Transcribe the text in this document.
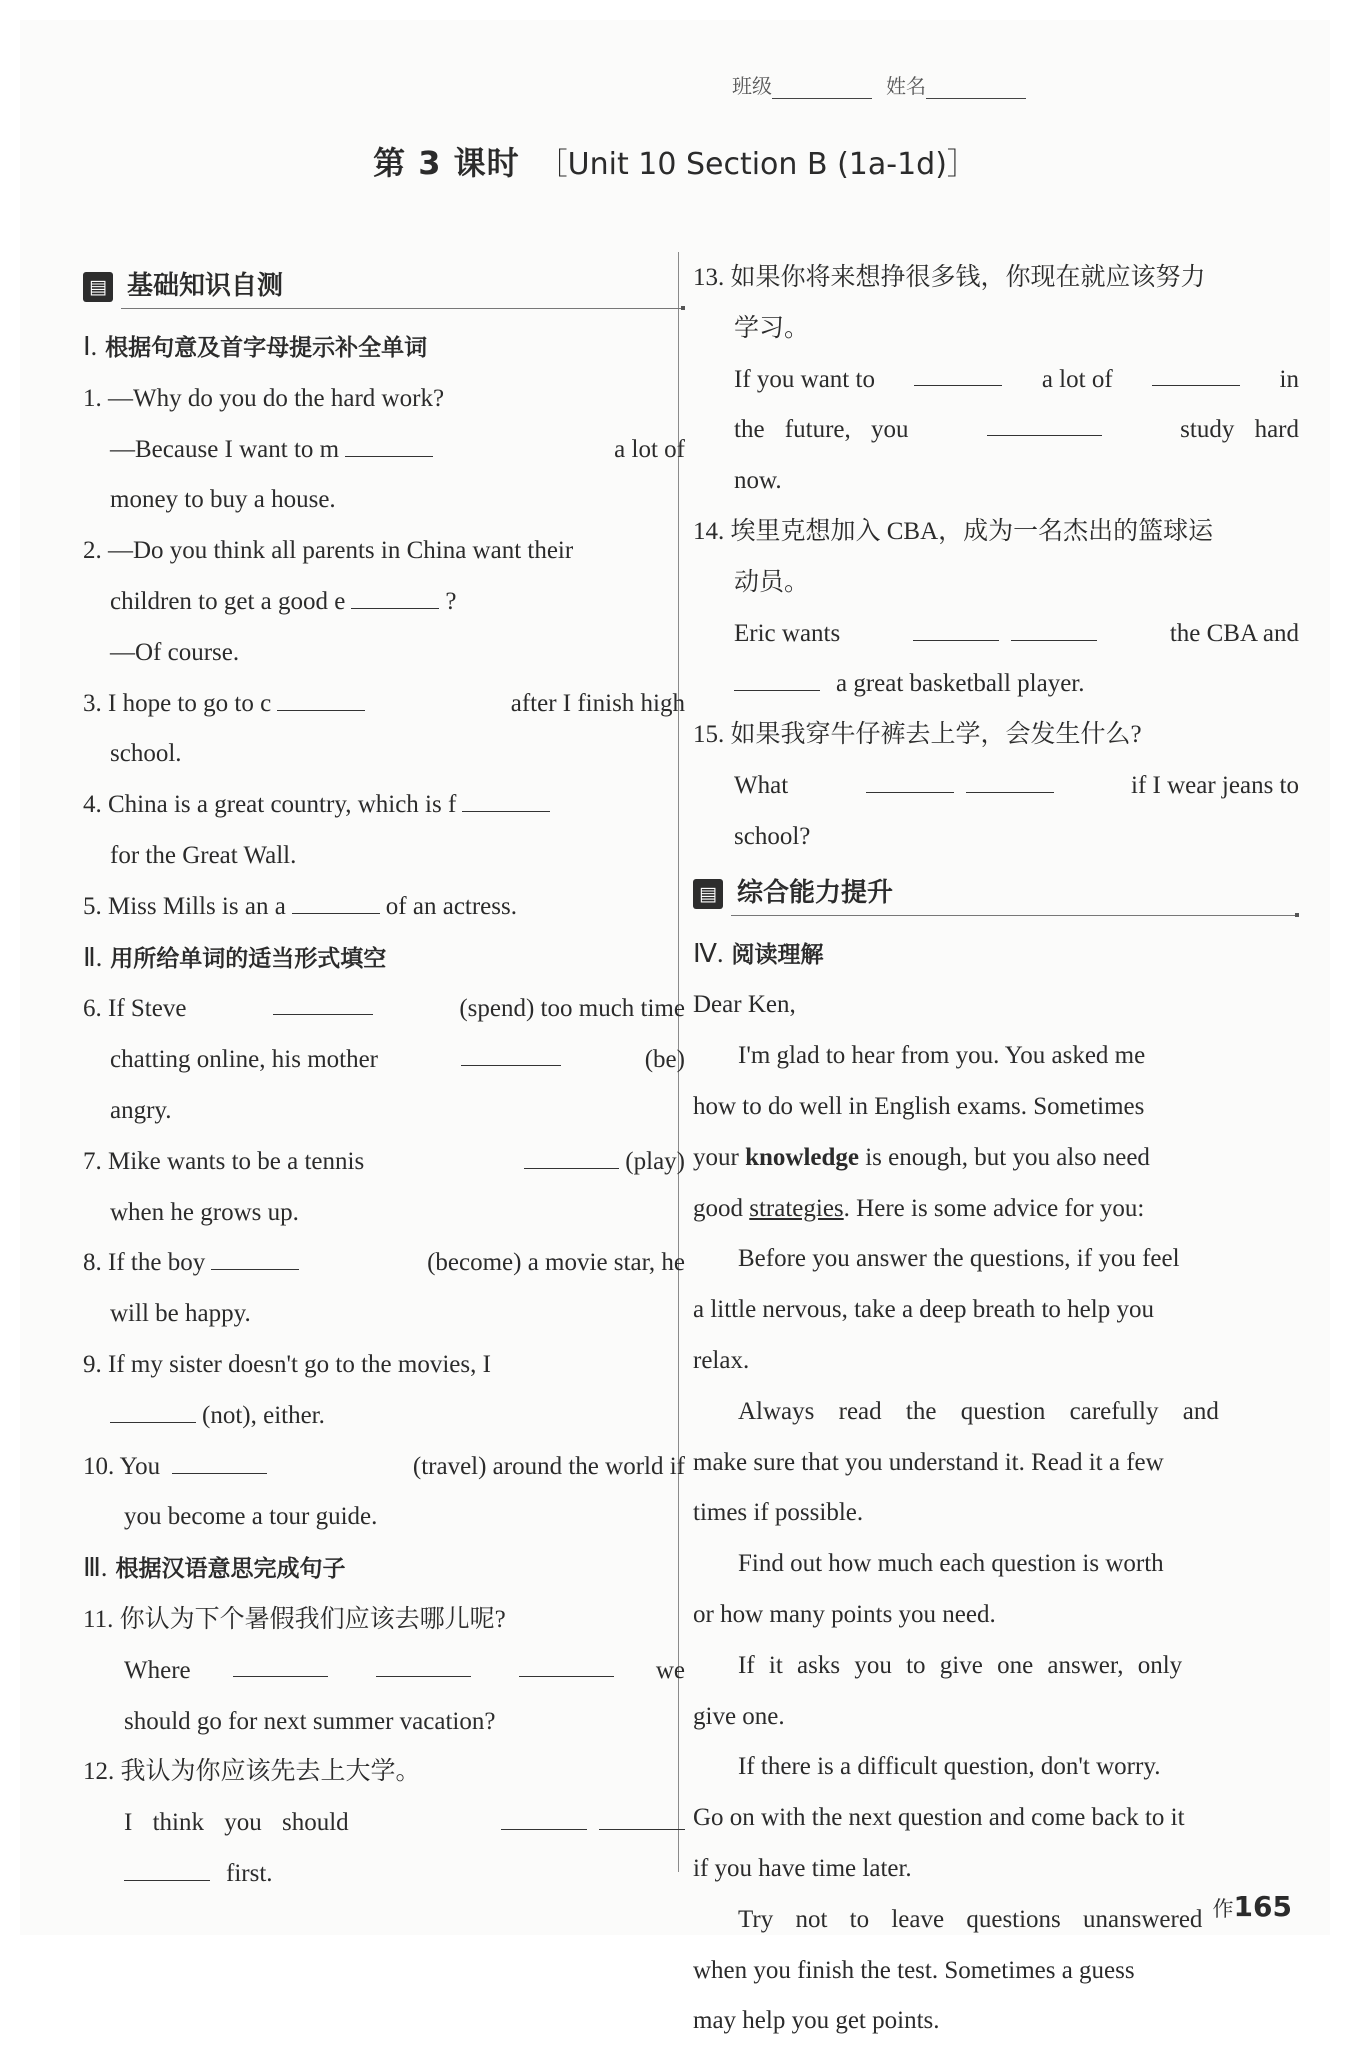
班级	姓名
第 3 课时 ［Unit 10 Section B (1a-1d)］
▤ 基础知识自测
Ⅰ. 根据句意及首字母提示补全单词
1. —Why do you do the hard work?
—Because I want to m	a lot of
money to buy a house.
2. —Do you think all parents in China want their
children to get a good e	?
—Of course.
3. I hope to go to c	after I finish high
school.
4. China is a great country, which is f
for the Great Wall.
5. Miss Mills is an a	of an actress.
Ⅱ. 用所给单词的适当形式填空
6. If Steve	(spend) too much time
chatting online, his mother	(be)
angry.
7. Mike wants to be a tennis	(play)
when he grows up.
8. If the boy	(become) a movie star, he
will be happy.
9. If my sister doesn't go to the movies, I
(not), either.
10. You	(travel) around the world if
you become a tour guide.
Ⅲ. 根据汉语意思完成句子
11. 你认为下个暑假我们应该去哪儿呢?
Where	we
should go for next summer vacation?
12. 我认为你应该先去上大学。
I think you should
first.
13. 如果你将来想挣很多钱，你现在就应该努力
学习。
If you want to	a lot of	in
the future, you	study hard
now.
14. 埃里克想加入 CBA，成为一名杰出的篮球运
动员。
Eric wants	the CBA and
a great basketball player.
15. 如果我穿牛仔裤去上学，会发生什么?
What	if I wear jeans to
school?
▤ 综合能力提升
Ⅳ. 阅读理解
Dear Ken,
I'm glad to hear from you. You asked me
how to do well in English exams. Sometimes
your knowledge is enough, but you also need
good strategies. Here is some advice for you:
Before you answer the questions, if you feel
a little nervous, take a deep breath to help you
relax.
Always read the question carefully and
make sure that you understand it. Read it a few
times if possible.
Find out how much each question is worth
or how many points you need.
If it asks you to give one answer, only
give one.
If there is a difficult question, don't worry.
Go on with the next question and come back to it
if you have time later.
Try not to leave questions unanswered
when you finish the test. Sometimes a guess
may help you get points.
作165
